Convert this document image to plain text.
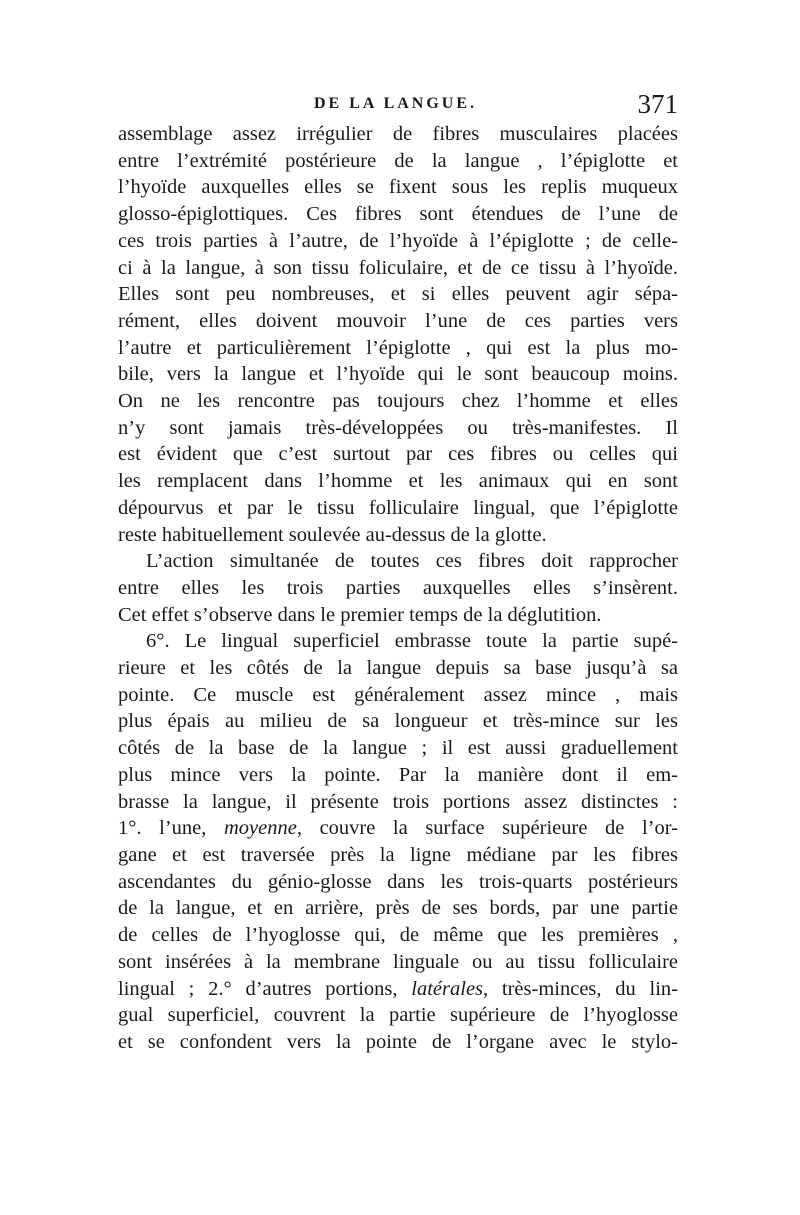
DE LA LANGUE.	371
assemblage assez irrégulier de fibres musculaires placées
entre l’extrémité postérieure de la langue , l’épiglotte et
l’hyoïde auxquelles elles se fixent sous les replis muqueux
glosso-épiglottiques. Ces fibres sont étendues de l’une de
ces trois parties à l’autre, de l’hyoïde à l’épiglotte ; de celle-
ci à la langue, à son tissu foliculaire, et de ce tissu à l’hyoïde.
Elles sont peu nombreuses, et si elles peuvent agir sépa-
rément, elles doivent mouvoir l’une de ces parties vers
l’autre et particulièrement l’épiglotte , qui est la plus mo-
bile, vers la langue et l’hyoïde qui le sont beaucoup moins.
On ne les rencontre pas toujours chez l’homme et elles
n’y sont jamais très-développées ou très-manifestes. Il
est évident que c’est surtout par ces fibres ou celles qui
les remplacent dans l’homme et les animaux qui en sont
dépourvus et par le tissu folliculaire lingual, que l’épiglotte
reste habituellement soulevée au-dessus de la glotte.
L’action simultanée de toutes ces fibres doit rapprocher
entre elles les trois parties auxquelles elles s’insèrent.
Cet effet s’observe dans le premier temps de la déglutition.
6°. Le lingual superficiel embrasse toute la partie supé-
rieure et les côtés de la langue depuis sa base jusqu’à sa
pointe. Ce muscle est généralement assez mince , mais
plus épais au milieu de sa longueur et très-mince sur les
côtés de la base de la langue ; il est aussi graduellement
plus mince vers la pointe. Par la manière dont il em-
brasse la langue, il présente trois portions assez distinctes :
1°. l’une, moyenne, couvre la surface supérieure de l’or-
gane et est traversée près la ligne médiane par les fibres
ascendantes du génio-glosse dans les trois-quarts postérieurs
de la langue, et en arrière, près de ses bords, par une partie
de celles de l’hyoglosse qui, de même que les premières ,
sont insérées à la membrane linguale ou au tissu folliculaire
lingual ; 2.° d’autres portions, latérales, très-minces, du lin-
gual superficiel, couvrent la partie supérieure de l’hyoglosse
et se confondent vers la pointe de l’organe avec le stylo-
